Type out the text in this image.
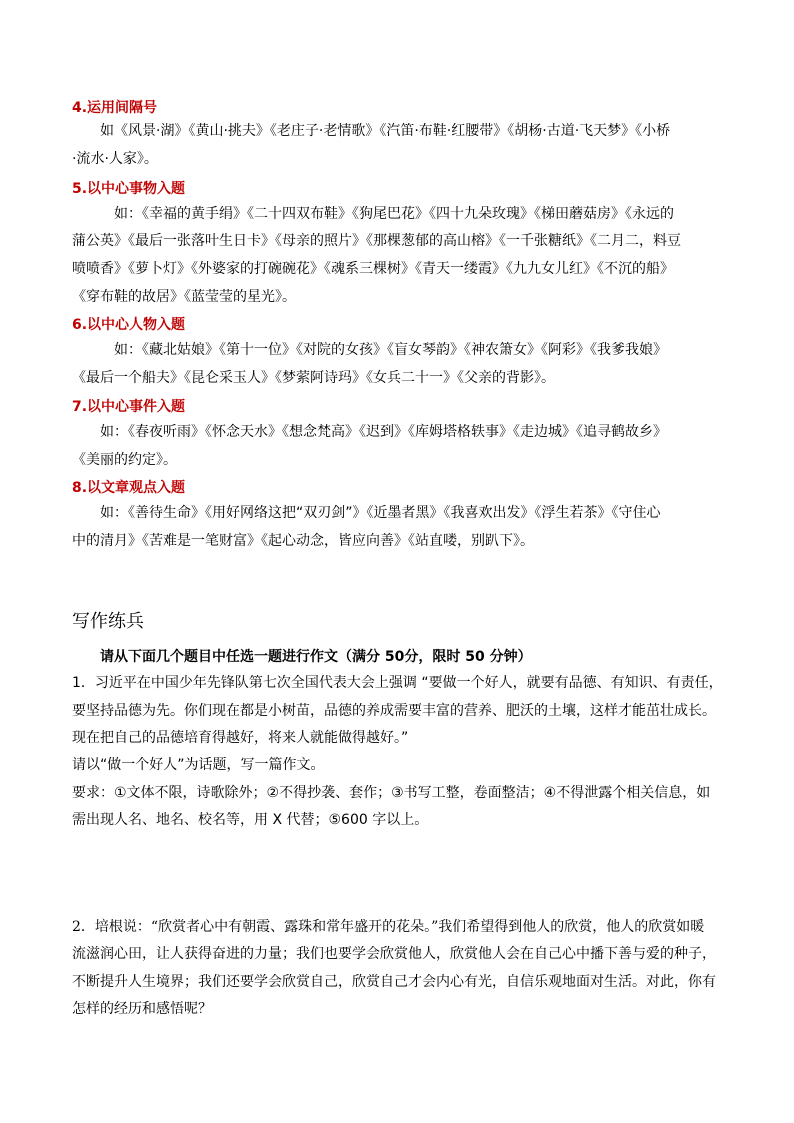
4.运用间隔号
如《风景·湖》《黄山·挑夫》《老庄子·老情歌》《汽笛·布鞋·红腰带》《胡杨·古道·飞天梦》《小桥
·流水·人家》。
5.以中心事物入题
如：《幸福的黄手绢》《二十四双布鞋》《狗尾巴花》《四十九朵玫瑰》《梯田蘑菇房》《永远的
蒲公英》《最后一张落叶生日卡》《母亲的照片》《那棵葱郁的高山榕》《一千张糖纸》《二月二，料豆
喷喷香》《萝卜灯》《外婆家的打碗碗花》《魂系三棵树》《青天一缕霞》《九九女儿红》《不沉的船》
《穿布鞋的故居》《蓝莹莹的星光》。
6.以中心人物入题
如：《藏北姑娘》《第十一位》《对院的女孩》《盲女琴韵》《神农箫女》《阿彩》《我爹我娘》
《最后一个船夫》《昆仑采玉人》《梦萦阿诗玛》《女兵二十一》《父亲的背影》。
7.以中心事件入题
如：《春夜听雨》《怀念天水》《想念梵高》《迟到》《库姆塔格轶事》《走边城》《追寻鹤故乡》
《美丽的约定》。
8.以文章观点入题
如：《善待生命》《用好网络这把“双刃剑”》《近墨者黑》《我喜欢出发》《浮生若茶》《守住心
中的清月》《苦难是一笔财富》《起心动念，皆应向善》《站直喽，别趴下》。
写作练兵
请从下面几个题目中任选一题进行作文（满分 50分，限时 50 分钟）
1．习近平在中国少年先锋队第七次全国代表大会上强调 “要做一个好人，就要有品德、有知识、有责任，
要坚持品德为先。你们现在都是小树苗，品德的养成需要丰富的营养、肥沃的土壤，这样才能茁壮成长。
现在把自己的品德培育得越好，将来人就能做得越好。”
请以“做一个好人”为话题，写一篇作文。
要求：①文体不限，诗歌除外；②不得抄袭、套作；③书写工整，卷面整洁；④不得泄露个相关信息，如
需出现人名、地名、校名等，用 X 代替；⑤600 字以上。
2．培根说：“欣赏者心中有朝霞、露珠和常年盛开的花朵。”我们希望得到他人的欣赏，他人的欣赏如暖
流滋润心田，让人获得奋进的力量；我们也要学会欣赏他人，欣赏他人会在自己心中播下善与爱的种子，
不断提升人生境界；我们还要学会欣赏自己，欣赏自己才会内心有光，自信乐观地面对生活。对此，你有
怎样的经历和感悟呢？
